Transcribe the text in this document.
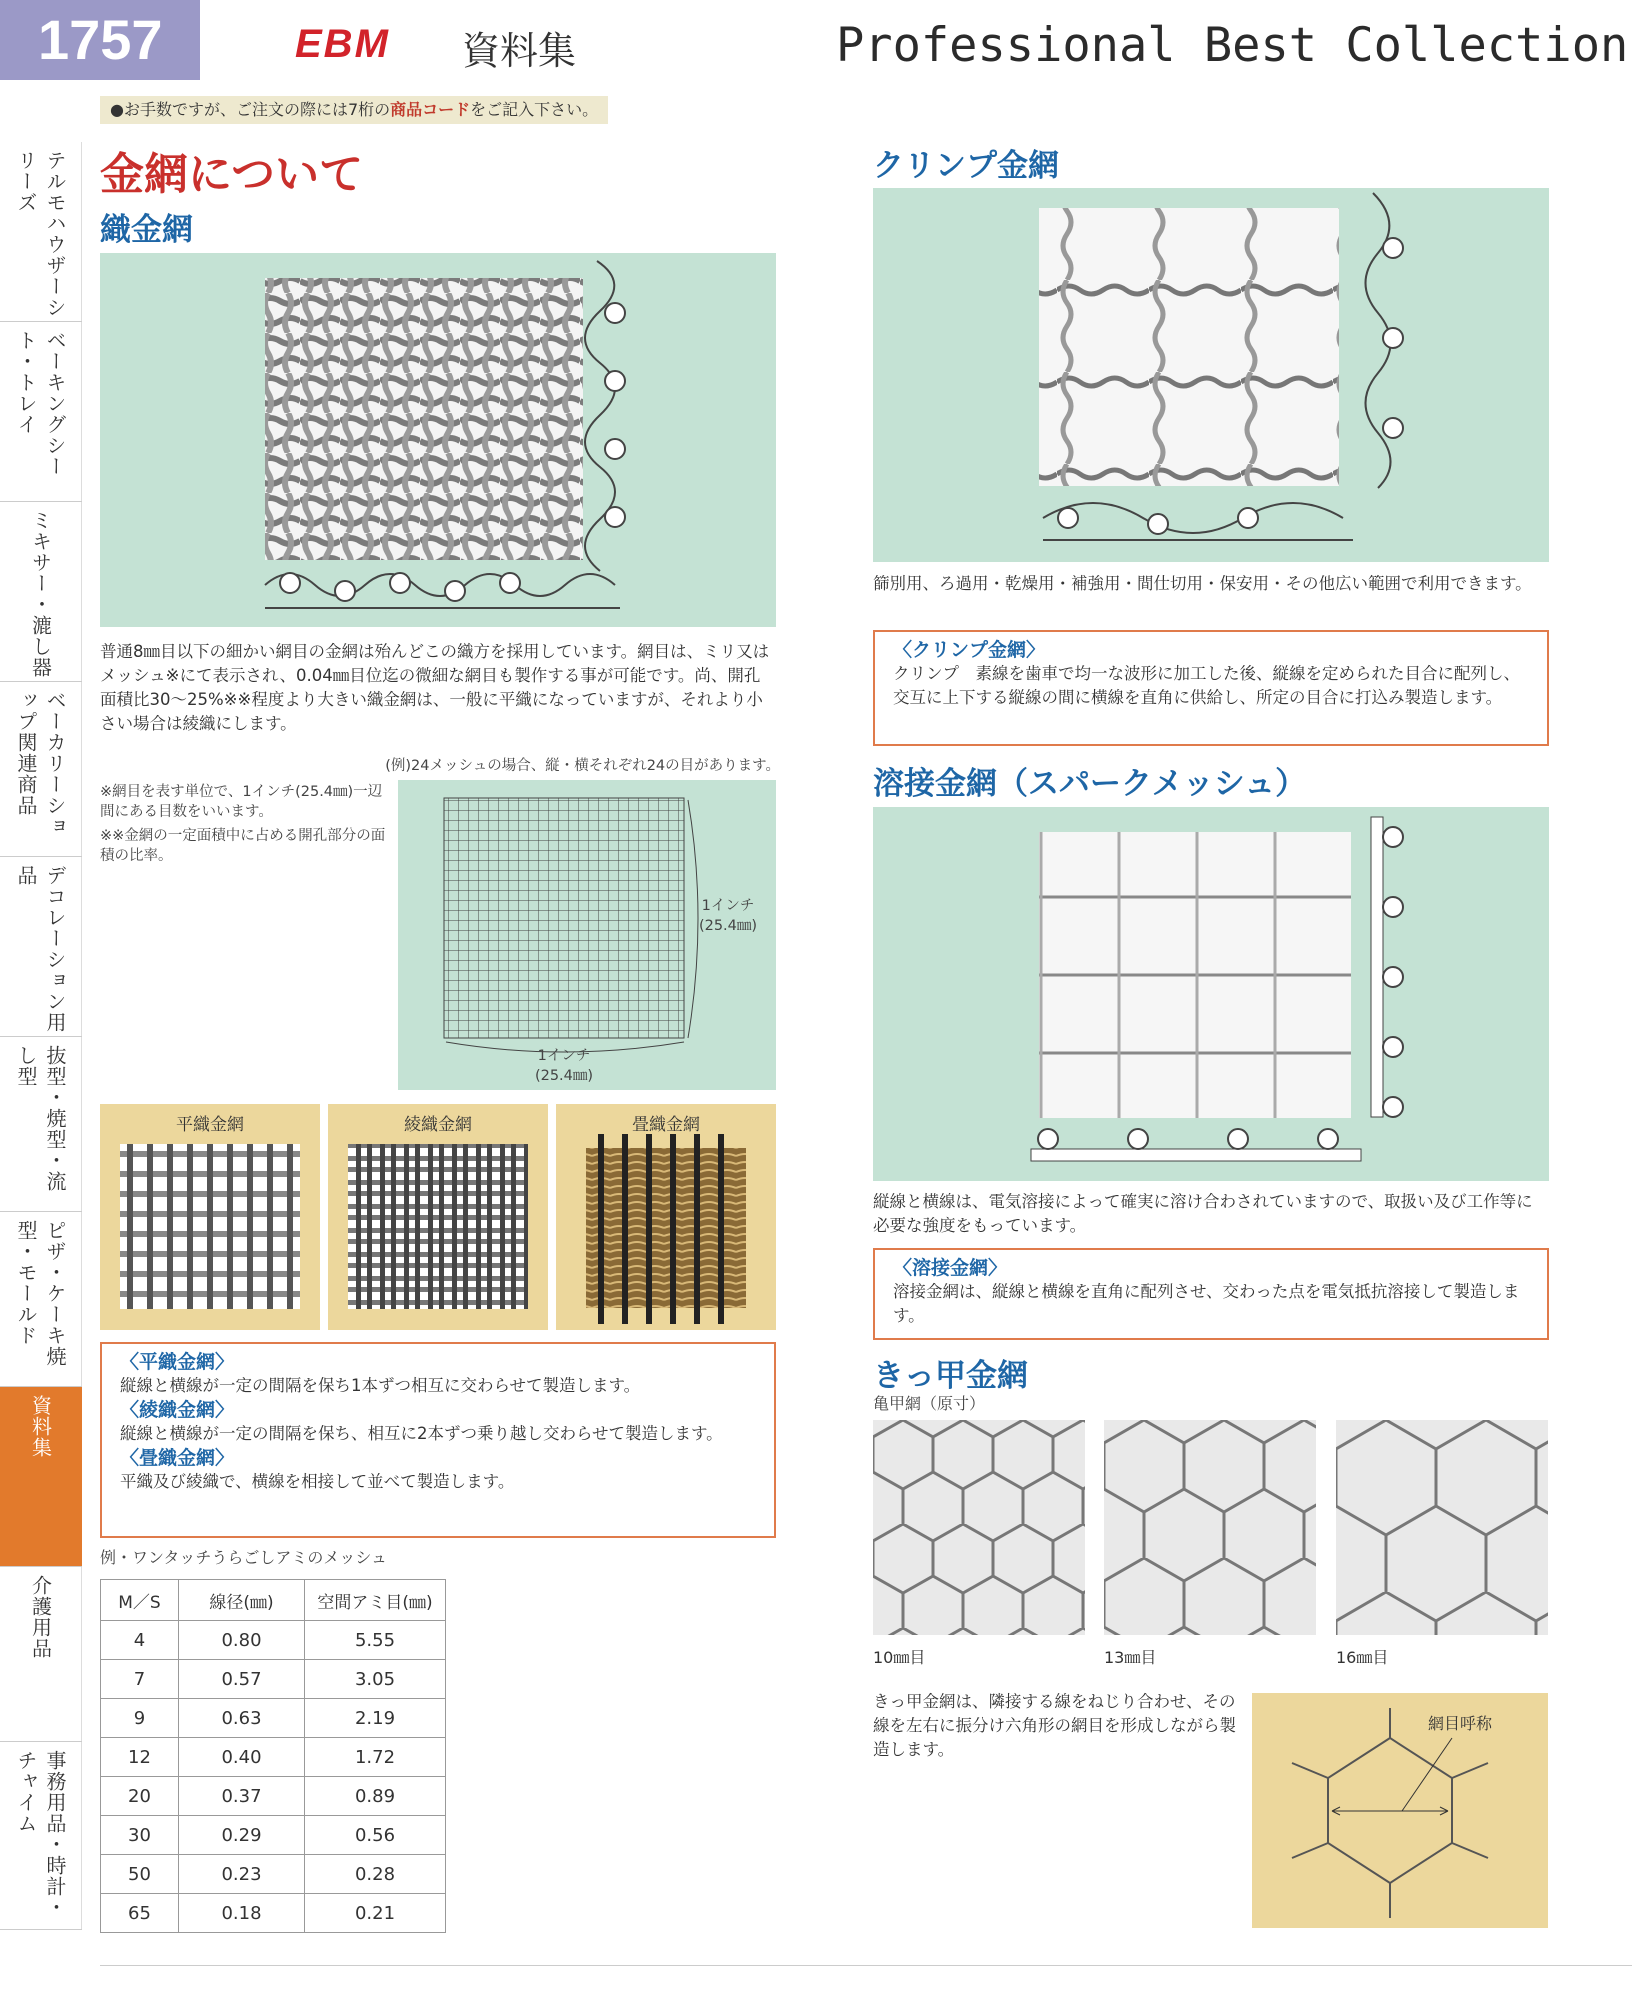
1757	EBM 資料集	Professional Best Collection
●お手数ですが、ご注文の際には7桁の商品コードをご記入下さい。
テルモハウザーシリーズ
ベーキングシート・トレイ
ミキサー・漉し器
ベーカリーショップ関連商品
デコレーション用品
抜型・焼型・流し型
ピザ・ケーキ焼型・モールド
資料集
介護用品
事務用品・時計・チャイム
金網について
織金網
普通8㎜目以下の細かい網目の金網は殆んどこの織方を採用しています。網目は、ミリ又はメッシュ※にて表示され、0.04㎜目位迄の微細な網目も製作する事が可能です。尚、開孔面積比30〜25%※※程度より大きい織金網は、一般に平織になっていますが、それより小さい場合は綾織にします。
(例)24メッシュの場合、縦・横それぞれ24の目があります。
※網目を表す単位で、1インチ(25.4㎜)一辺間にある目数をいいます。
※※金網の一定面積中に占める開孔部分の面積の比率。
1インチ
(25.4㎜)
1インチ
(25.4㎜)
平織金網	綾織金網	畳織金網
〈平織金網〉
縦線と横線が一定の間隔を保ち1本ずつ相互に交わらせて製造します。
〈綾織金網〉
縦線と横線が一定の間隔を保ち、相互に2本ずつ乗り越し交わらせて製造します。
〈畳織金網〉
平織及び綾織で、横線を相接して並べて製造します。
例・ワンタッチうらごしアミのメッシュ
M／S	線径(㎜)	空間アミ目(㎜)
4	0.80	5.55
7	0.57	3.05
9	0.63	2.19
12	0.40	1.72
20	0.37	0.89
30	0.29	0.56
50	0.23	0.28
65	0.18	0.21
クリンプ金網
篩別用、ろ過用・乾燥用・補強用・間仕切用・保安用・その他広い範囲で利用できます。
〈クリンプ金網〉
クリンプ　素線を歯車で均一な波形に加工した後、縦線を定められた目合に配列し、交互に上下する縦線の間に横線を直角に供給し、所定の目合に打込み製造します。
溶接金網（スパークメッシュ）
縦線と横線は、電気溶接によって確実に溶け合わされていますので、取扱い及び工作等に必要な強度をもっています。
〈溶接金網〉
溶接金網は、縦線と横線を直角に配列させ、交わった点を電気抵抗溶接して製造します。
きっ甲金網
亀甲網（原寸）
10㎜目	13㎜目	16㎜目
きっ甲金網は、隣接する線をねじり合わせ、その線を左右に振分け六角形の網目を形成しながら製造します。
網目呼称
